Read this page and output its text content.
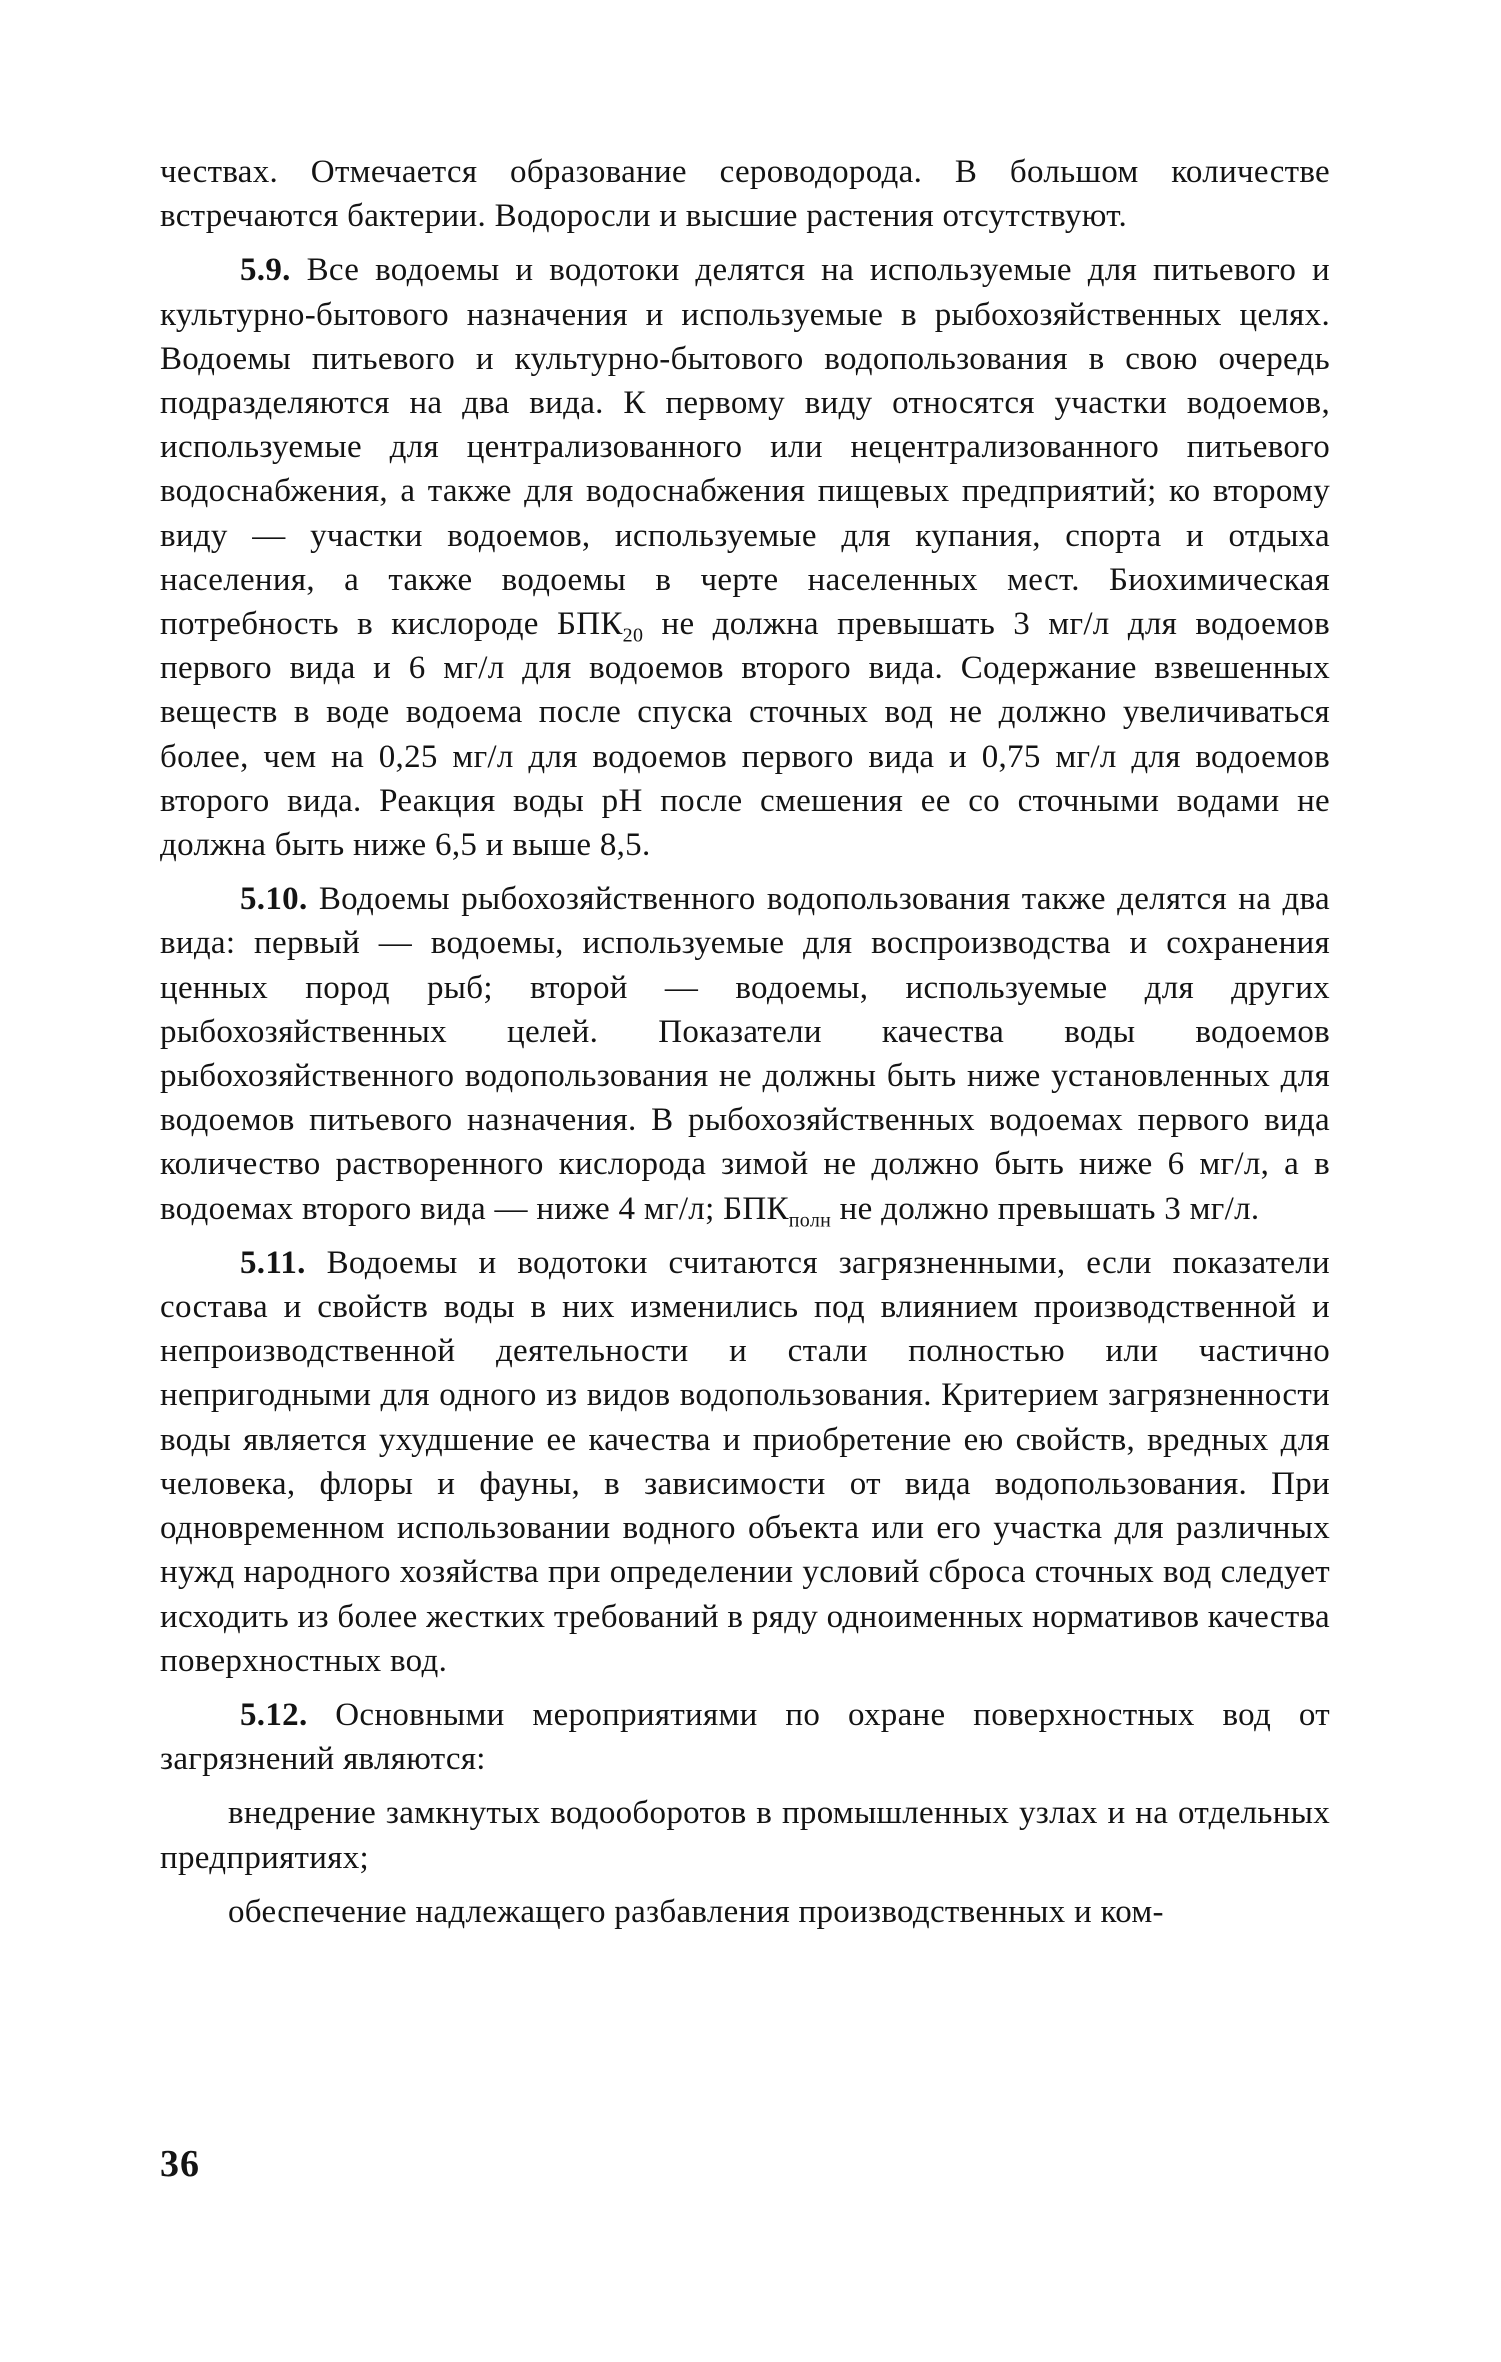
чествах. Отмечается образование сероводорода. В большом количестве встречаются бактерии. Водоросли и высшие растения отсутствуют.

5.9. Все водоемы и водотоки делятся на используемые для питьевого и культурно-бытового назначения и используемые в рыбохозяйственных целях. Водоемы питьевого и культурно-бытового водопользования в свою очередь подразделяются на два вида. К первому виду относятся участки водоемов, используемые для централизованного или нецентрализованного питьевого водоснабжения, а также для водоснабжения пищевых предприятий; ко второму виду — участки водоемов, используемые для купания, спорта и отдыха населения, а также водоемы в черте населенных мест. Биохимическая потребность в кислороде $БПК_{20}$ не должна превышать 3 мг/л для водоемов первого вида и 6 мг/л для водоемов второго вида. Содержание взвешенных веществ в воде водоема после спуска сточных вод не должно увеличиваться более, чем на 0,25 мг/л для водоемов первого вида и 0,75 мг/л для водоемов второго вида. Реакция воды pH после смешения ее со сточными водами не должна быть ниже 6,5 и выше 8,5.

5.10. Водоемы рыбохозяйственного водопользования также делятся на два вида: первый — водоемы, используемые для воспроизводства и сохранения ценных пород рыб; второй — водоемы, используемые для других рыбохозяйственных целей. Показатели качества воды водоемов рыбохозяйственного водопользования не должны быть ниже установленных для водоемов питьевого назначения. В рыбохозяйственных водоемах первого вида количество растворенного кислорода зимой не должно быть ниже 6 мг/л, а в водоемах второго вида — ниже 4 мг/л; $БПК_{полн}$ не должно превышать 3 мг/л.

5.11. Водоемы и водотоки считаются загрязненными, если показатели состава и свойств воды в них изменились под влиянием производственной и непроизводственной деятельности и стали полностью или частично непригодными для одного из видов водопользования. Критерием загрязненности воды является ухудшение ее качества и приобретение ею свойств, вредных для человека, флоры и фауны, в зависимости от вида водопользования. При одновременном использовании водного объекта или его участка для различных нужд народного хозяйства при определении условий сброса сточных вод следует исходить из более жестких требований в ряду одноименных нормативов качества поверхностных вод.

5.12. Основными мероприятиями по охране поверхностных вод от загрязнений являются:

внедрение замкнутых водооборотов в промышленных узлах и на отдельных предприятиях;

обеспечение надлежащего разбавления производственных и ком-

36
